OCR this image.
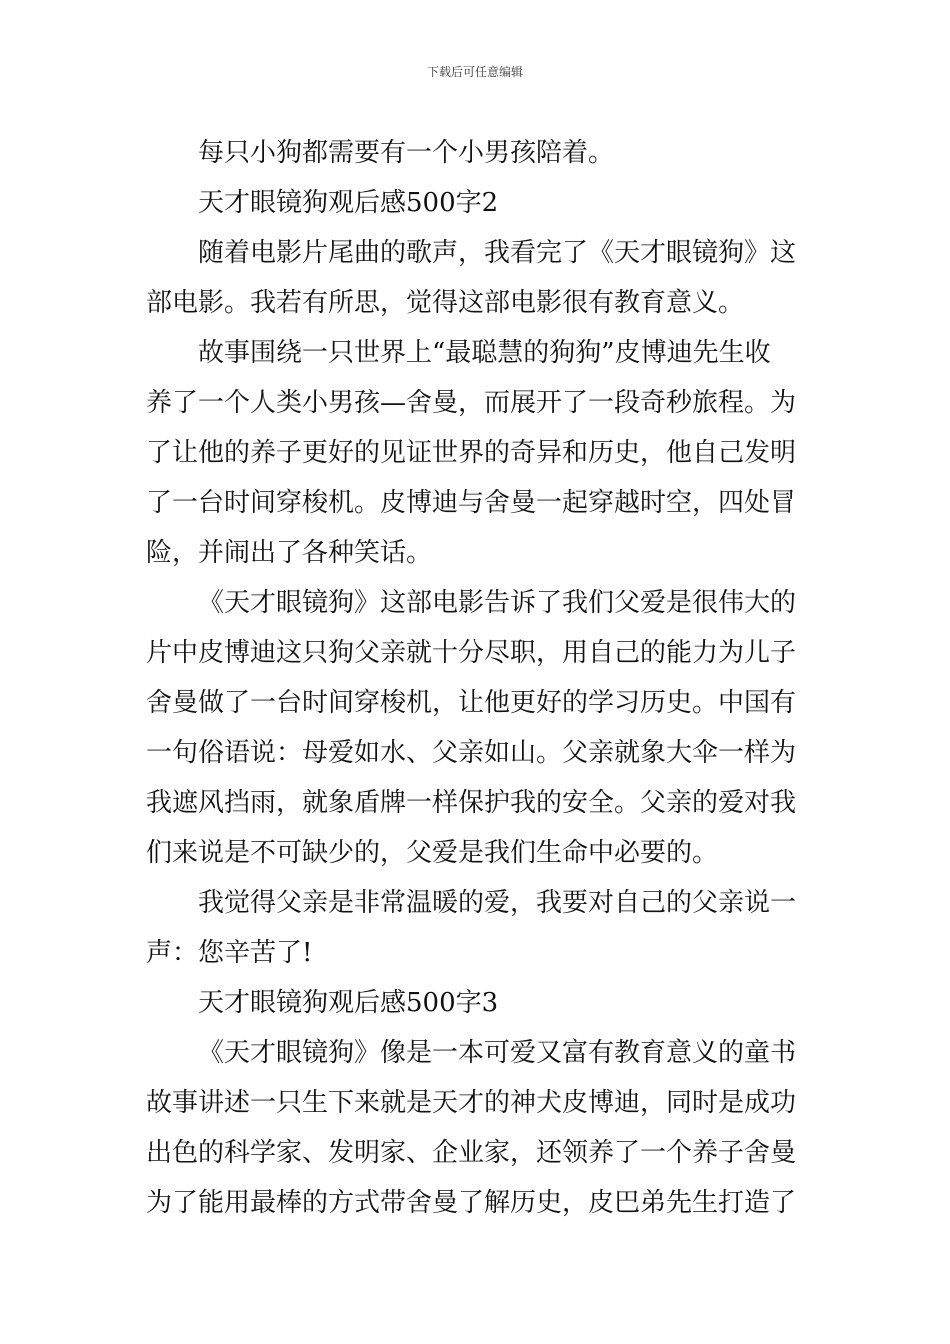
下载后可任意编辑
每只小狗都需要有一个小男孩陪着。
天才眼镜狗观后感500字2
随着电影片尾曲的歌声，我看完了《天才眼镜狗》这
部电影。我若有所思，觉得这部电影很有教育意义。
故事围绕一只世界上“最聪慧的狗狗”皮博迪先生收
养了一个人类小男孩—舍曼，而展开了一段奇秒旅程。为
了让他的养子更好的见证世界的奇异和历史，他自己发明
了一台时间穿梭机。皮博迪与舍曼一起穿越时空，四处冒
险，并闹出了各种笑话。
《天才眼镜狗》这部电影告诉了我们父爱是很伟大的
片中皮博迪这只狗父亲就十分尽职，用自己的能力为儿子
舍曼做了一台时间穿梭机，让他更好的学习历史。中国有
一句俗语说：母爱如水、父亲如山。父亲就象大伞一样为
我遮风挡雨，就象盾牌一样保护我的安全。父亲的爱对我
们来说是不可缺少的，父爱是我们生命中必要的。
我觉得父亲是非常温暖的爱，我要对自己的父亲说一
声：您辛苦了!
天才眼镜狗观后感500字3
《天才眼镜狗》像是一本可爱又富有教育意义的童书
故事讲述一只生下来就是天才的神犬皮博迪，同时是成功
出色的科学家、发明家、企业家，还领养了一个养子舍曼
为了能用最棒的方式带舍曼了解历史，皮巴弟先生打造了
